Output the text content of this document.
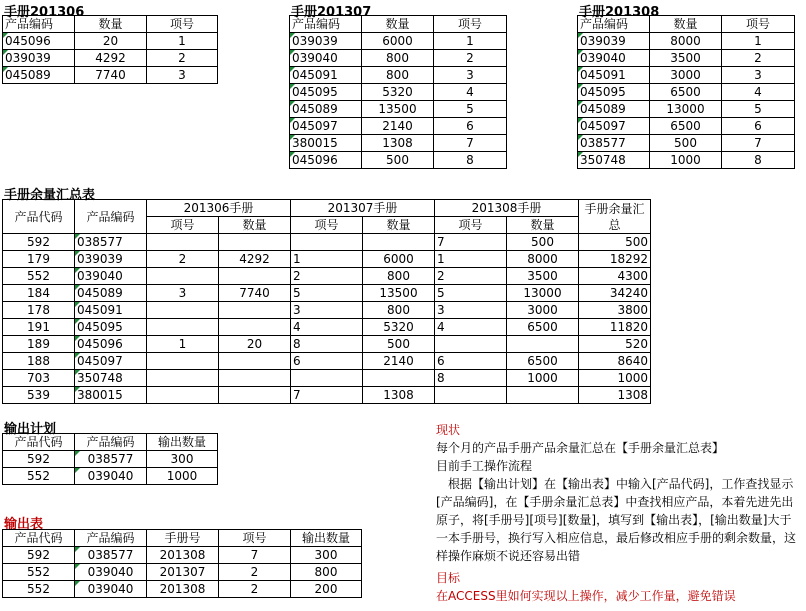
手册201306	手册201307	手册201308
产品编码	数量	项号
045096	20	1
039039	4292	2
045089	7740	3
产品编码	数量	项号
039039	6000	1
039040	800	2
045091	800	3
045095	5320	4
045089	13500	5
045097	2140	6
380015	1308	7
045096	500	8
产品编码	数量	项号
039039	8000	1
039040	3500	2
045091	3000	3
045095	6500	4
045089	13000	5
045097	6500	6
038577	500	7
350748	1000	8
手册余量汇总表
产品代码	产品编码	201306手册		201307手册		201308手册		手册余量汇总
		项号	数量	项号	数量	项号	数量	
592	038577					7	500	500
179	039039	2	4292	1	6000	1	8000	18292
552	039040			2	800	2	3500	4300
184	045089	3	7740	5	13500	5	13000	34240
178	045091			3	800	3	3000	3800
191	045095			4	5320	4	6500	11820
189	045096	1	20	8	500			520
188	045097			6	2140	6	6500	8640
703	350748					8	1000	1000
539	380015			7	1308			1308
输出计划
产品代码	产品编码	输出数量
592	038577	300
552	039040	1000
输出表
产品代码	产品编码	手册号	项号	输出数量
592	038577	201308	7	300
552	039040	201307	2	800
552	039040	201308	2	200

现状

每个月的产品手册产品余量汇总在【手册余量汇总表】

目前手工操作流程

　根据【输出计划】在【输出表】中输入[产品代码]，工作查找显示[产品编码]，在【手册余量汇总表】中查找相应产品，本着先进先出原子，将[手册号][项号][数量]，填写到【输出表】，[输出数量]大于一本手册号，换行写入相应信息，最后修改相应手册的剩余数量，这样操作麻烦不说还容易出错

目标

在ACCESS里如何实现以上操作，减少工作量，避免错误
